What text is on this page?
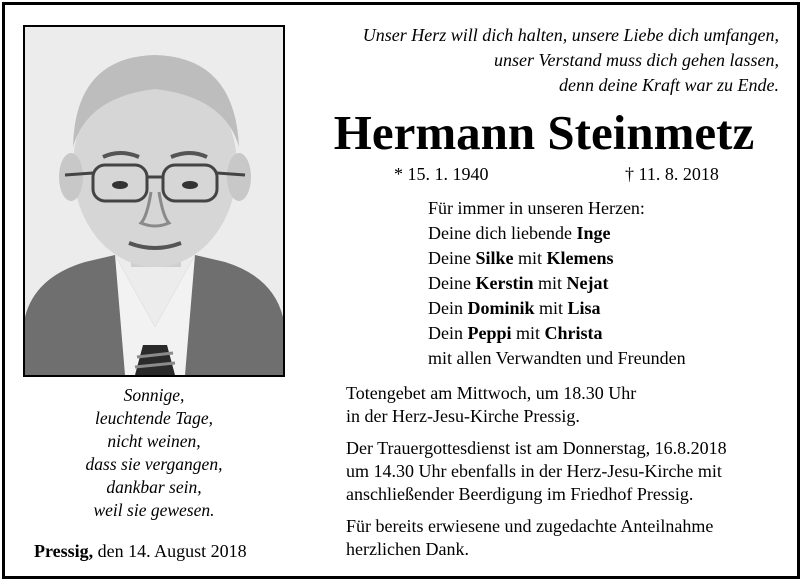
Sonnige,
leuchtende Tage,
nicht weinen,
dass sie vergangen,
dankbar sein,
weil sie gewesen.
Pressig, den 14. August 2018
Unser Herz will dich halten, unsere Liebe dich umfangen,
unser Verstand muss dich gehen lassen,
denn deine Kraft war zu Ende.
Hermann Steinmetz
* 15. 1. 1940	† 11. 8. 2018
Für immer in unseren Herzen:
Deine dich liebende Inge
Deine Silke mit Klemens
Deine Kerstin mit Nejat
Dein Dominik mit Lisa
Dein Peppi mit Christa
mit allen Verwandten und Freunden
Totengebet am Mittwoch, um 18.30 Uhr
in der Herz-Jesu-Kirche Pressig.
Der Trauergottesdienst ist am Donnerstag, 16.8.2018
um 14.30 Uhr ebenfalls in der Herz-Jesu-Kirche mit
anschließender Beerdigung im Friedhof Pressig.
Für bereits erwiesene und zugedachte Anteilnahme
herzlichen Dank.
